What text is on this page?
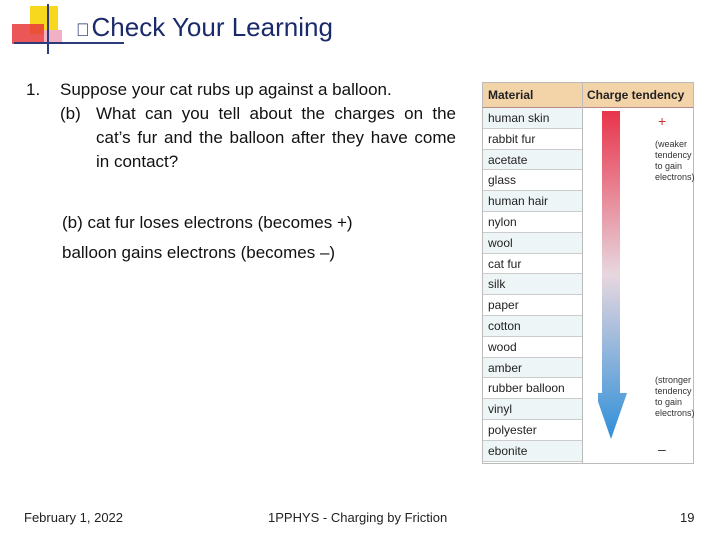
 Check Your Learning
1.	Suppose your cat rubs up against a balloon.
(b) What can you tell about the charges on the cat’s fur and the balloon after they have come in contact?
(b) cat fur loses electrons (becomes +)
balloon gains electrons (becomes –)
Material	Charge tendency
human skin
rabbit fur
acetate
glass
human hair
nylon
wool
cat fur
silk
paper
cotton
wood
amber
rubber balloon
vinyl
polyester
ebonite
+
(weaker
tendency
to gain
electrons)
(stronger
tendency
to gain
electrons)
–
February 1, 2022	1PPHYS - Charging by Friction	19
